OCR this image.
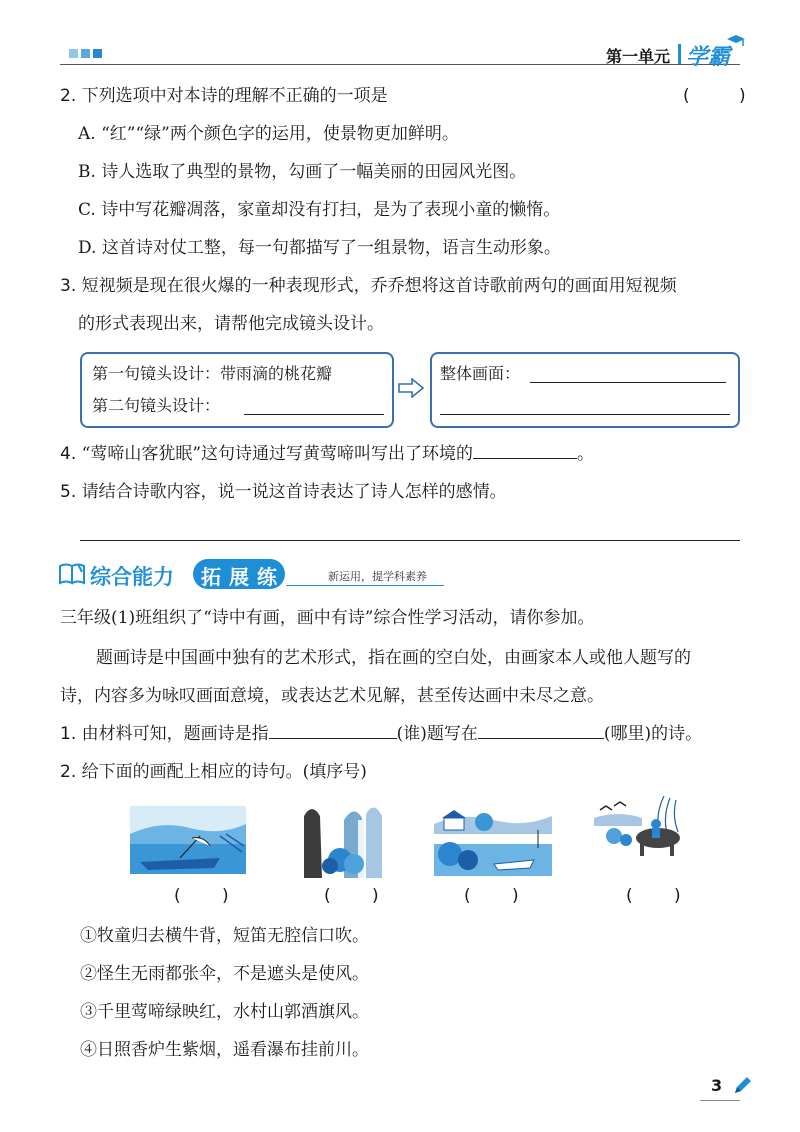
第一单元 学霸
2. 下列选项中对本诗的理解不正确的一项是	( )
A. “红”“绿”两个颜色字的运用，使景物更加鲜明。
B. 诗人选取了典型的景物，勾画了一幅美丽的田园风光图。
C. 诗中写花瓣凋落，家童却没有打扫，是为了表现小童的懒惰。
D. 这首诗对仗工整，每一句都描写了一组景物，语言生动形象。
3. 短视频是现在很火爆的一种表现形式，乔乔想将这首诗歌前两句的画面用短视频
的形式表现出来，请帮他完成镜头设计。
第一句镜头设计：带雨滴的桃花瓣
第二句镜头设计：
整体画面：
4. “莺啼山客犹眠”这句诗通过写黄莺啼叫写出了环境的	。
5. 请结合诗歌内容，说一说这首诗表达了诗人怎样的感情。
综合能力 拓 展 练	新运用，提学科素养
三年级(1)班组织了“诗中有画，画中有诗”综合性学习活动，请你参加。
题画诗是中国画中独有的艺术形式，指在画的空白处，由画家本人或他人题写的
诗，内容多为咏叹画面意境，或表达艺术见解，甚至传达画中未尽之意。
1. 由材料可知，题画诗是指	(谁)题写在	(哪里)的诗。
2. 给下面的画配上相应的诗句。(填序号)
( )	( )	( )	( )
①牧童归去横牛背，短笛无腔信口吹。
②怪生无雨都张伞，不是遮头是使风。
③千里莺啼绿映红，水村山郭酒旗风。
④日照香炉生紫烟，遥看瀑布挂前川。
3
